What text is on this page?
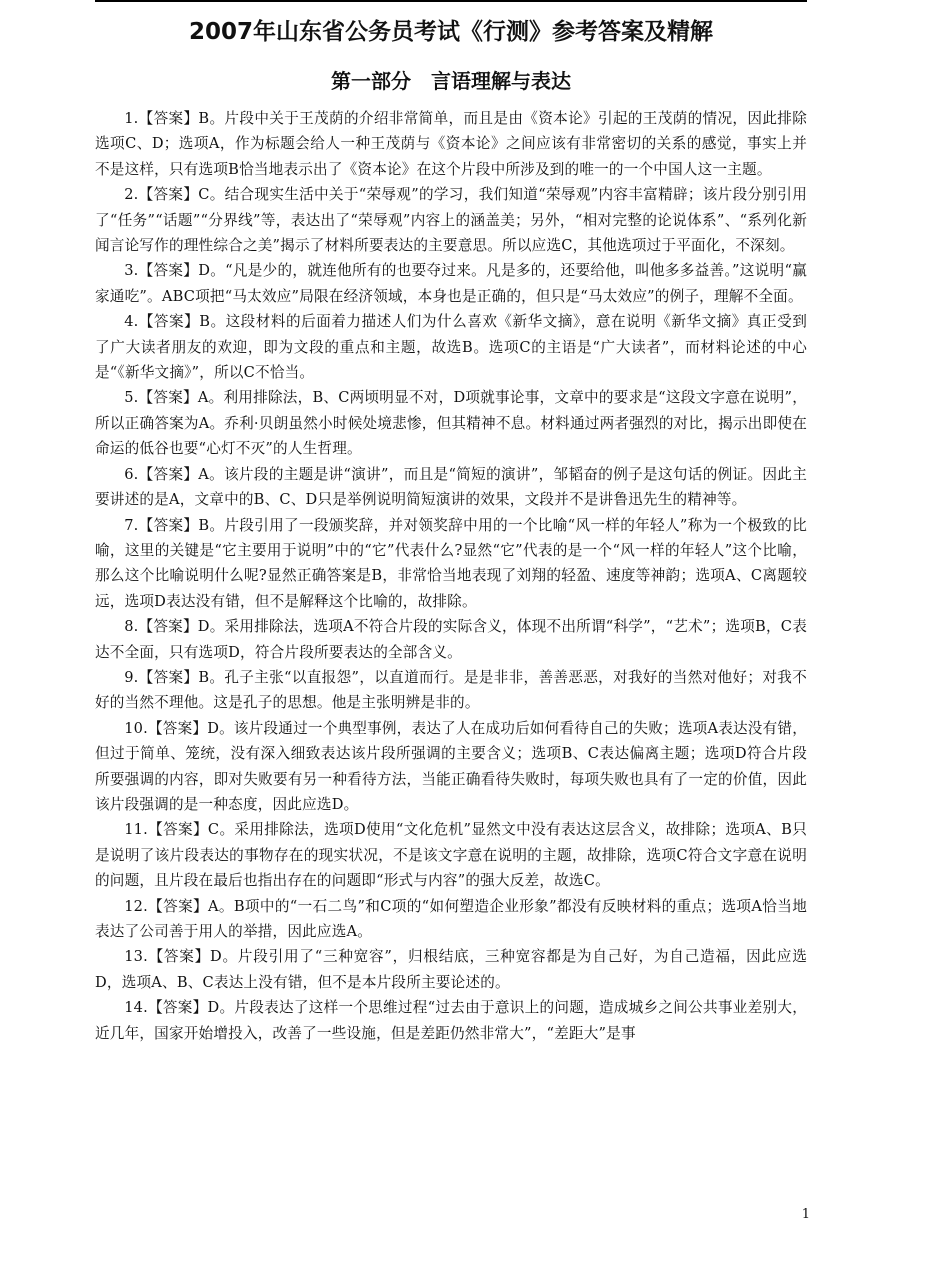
2007年山东省公务员考试《行测》参考答案及精解
第一部分　言语理解与表达

1.【答案】B。片段中关于王茂荫的介绍非常简单，而且是由《资本论》引起的王茂荫的情况，因此排除选项C、D；选项A，作为标题会给人一种王茂荫与《资本论》之间应该有非常密切的关系的感觉，事实上并不是这样，只有选项B恰当地表示出了《资本论》在这个片段中所涉及到的唯一的一个中国人这一主题。

2.【答案】C。结合现实生活中关于“荣辱观”的学习，我们知道“荣辱观”内容丰富精辟；该片段分别引用了“任务”“话题”“分界线”等，表达出了“荣辱观”内容上的涵盖美；另外，“相对完整的论说体系”、“系列化新闻言论写作的理性综合之美”揭示了材料所要表达的主要意思。所以应选C，其他选项过于平面化，不深刻。

3.【答案】D。“凡是少的，就连他所有的也要夺过来。凡是多的，还要给他，叫他多多益善。”这说明“赢家通吃”。ABC项把“马太效应”局限在经济领域，本身也是正确的，但只是“马太效应”的例子，理解不全面。

4.【答案】B。这段材料的后面着力描述人们为什么喜欢《新华文摘》，意在说明《新华文摘》真正受到了广大读者朋友的欢迎，即为文段的重点和主题，故选B。选项C的主语是“广大读者”，而材料论述的中心是“《新华文摘》”，所以C不恰当。

5.【答案】A。利用排除法，B、C两顷明显不对，D项就事论事，文章中的要求是“这段文字意在说明”，所以正确答案为A。乔利·贝朗虽然小时候处境悲惨，但其精神不息。材料通过两者强烈的对比，揭示出即使在命运的低谷也要“心灯不灭”的人生哲理。

6.【答案】A。该片段的主题是讲“演讲”，而且是“简短的演讲”，邹韬奋的例子是这句话的例证。因此主要讲述的是A，文章中的B、C、D只是举例说明简短演讲的效果，文段并不是讲鲁迅先生的精神等。

7.【答案】B。片段引用了一段颁奖辞，并对领奖辞中用的一个比喻“风一样的年轻人”称为一个极致的比喻，这里的关键是“它主要用于说明”中的“它”代表什么?显然“它”代表的是一个“风一样的年轻人”这个比喻，那么这个比喻说明什么呢?显然正确答案是B，非常恰当地表现了刘翔的轻盈、速度等神韵；选项A、C离题较远，选项D表达没有错，但不是解释这个比喻的，故排除。

8.【答案】D。采用排除法，选项A不符合片段的实际含义，体现不出所谓“科学”，“艺术”；选项B，C表达不全面，只有选项D，符合片段所要表达的全部含义。

9.【答案】B。孔子主张“以直报怨”，以直道而行。是是非非，善善恶恶，对我好的当然对他好；对我不好的当然不理他。这是孔子的思想。他是主张明辨是非的。

10.【答案】D。该片段通过一个典型事例，表达了人在成功后如何看待自己的失败；选项A表达没有错，但过于简单、笼统，没有深入细致表达该片段所强调的主要含义；选项B、C表达偏离主题；选项D符合片段所要强调的内容，即对失败要有另一种看待方法，当能正确看待失败时，每项失败也具有了一定的价值，因此该片段强调的是一种态度，因此应选D。

11.【答案】C。采用排除法，选项D使用“文化危机”显然文中没有表达这层含义，故排除；选项A、B只是说明了该片段表达的事物存在的现实状况，不是该文字意在说明的主题，故排除，选项C符合文字意在说明的问题，且片段在最后也指出存在的问题即“形式与内容”的强大反差，故选C。

12.【答案】A。B项中的“一石二鸟”和C项的“如何塑造企业形象”都没有反映材料的重点；选项A恰当地表达了公司善于用人的举措，因此应选A。

13.【答案】D。片段引用了“三种宽容”，归根结底，三种宽容都是为自己好，为自己造福，因此应选D，选项A、B、C表达上没有错，但不是本片段所主要论述的。

14.【答案】D。片段表达了这样一个思维过程“过去由于意识上的问题，造成城乡之间公共事业差别大，近几年，国家开始增投入，改善了一些设施，但是差距仍然非常大”，“差距大”是事

1
